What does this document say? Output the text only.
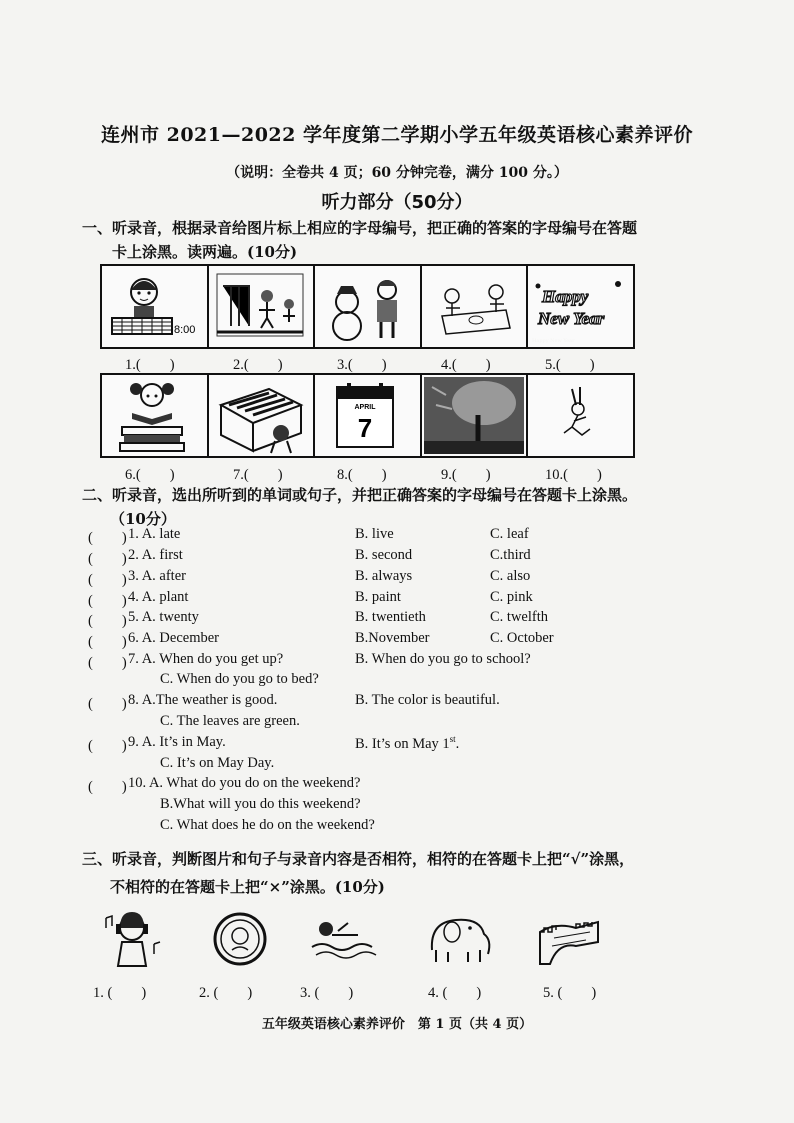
连州市 2021—2022 学年度第二学期小学五年级英语核心素养评价
（说明：全卷共 4 页；60 分钟完卷，满分 100 分。）
听力部分（50分）
一、听录音，根据录音给图片标上相应的字母编号，把正确的答案的字母编号在答题
卡上涂黑。读两遍。(10分)
8:00
Happy
New Year
Happy New Year
1.(　　)	2.(　　)	3.(　　)	4.(　　)	5.(　　)
APRIL
7
6.(　　)	7.(　　)	8.(　　)	9.(　　)	10.(　　)
二、听录音，选出所听到的单词或句子，并把正确答案的字母编号在答题卡上涂黑。
（10分）
(　　) 1. A. late	B. live	C. leaf
(　　) 2. A. first	B. second	C.third
(　　) 3. A. after	B. always	C. also
(　　) 4. A. plant	B. paint	C. pink
(　　) 5. A. twenty	B. twentieth	C. twelfth
(　　) 6. A. December	B.November	C. October
(　　) 7. A. When do you get up?	B. When do you go to school?
C. When do you go to bed?
(　　) 8. A.The weather is good.	B. The color is beautiful.
C. The leaves are green.
(　　) 9. A. It’s in May.	B. It’s on May 1st.
C. It’s on May Day.
(　　) 10. A. What do you do on the weekend?
B.What will you do this weekend?
C. What does he do on the weekend?
三、听录音，判断图片和句子与录音内容是否相符，相符的在答题卡上把“√”涂黑，
不相符的在答题卡上把“×”涂黑。(10分)
1. (　　)	2. (　　)	3. (　　)	4. (　　)	5. (　　)
五年级英语核心素养评价　第 1 页（共 4 页）
